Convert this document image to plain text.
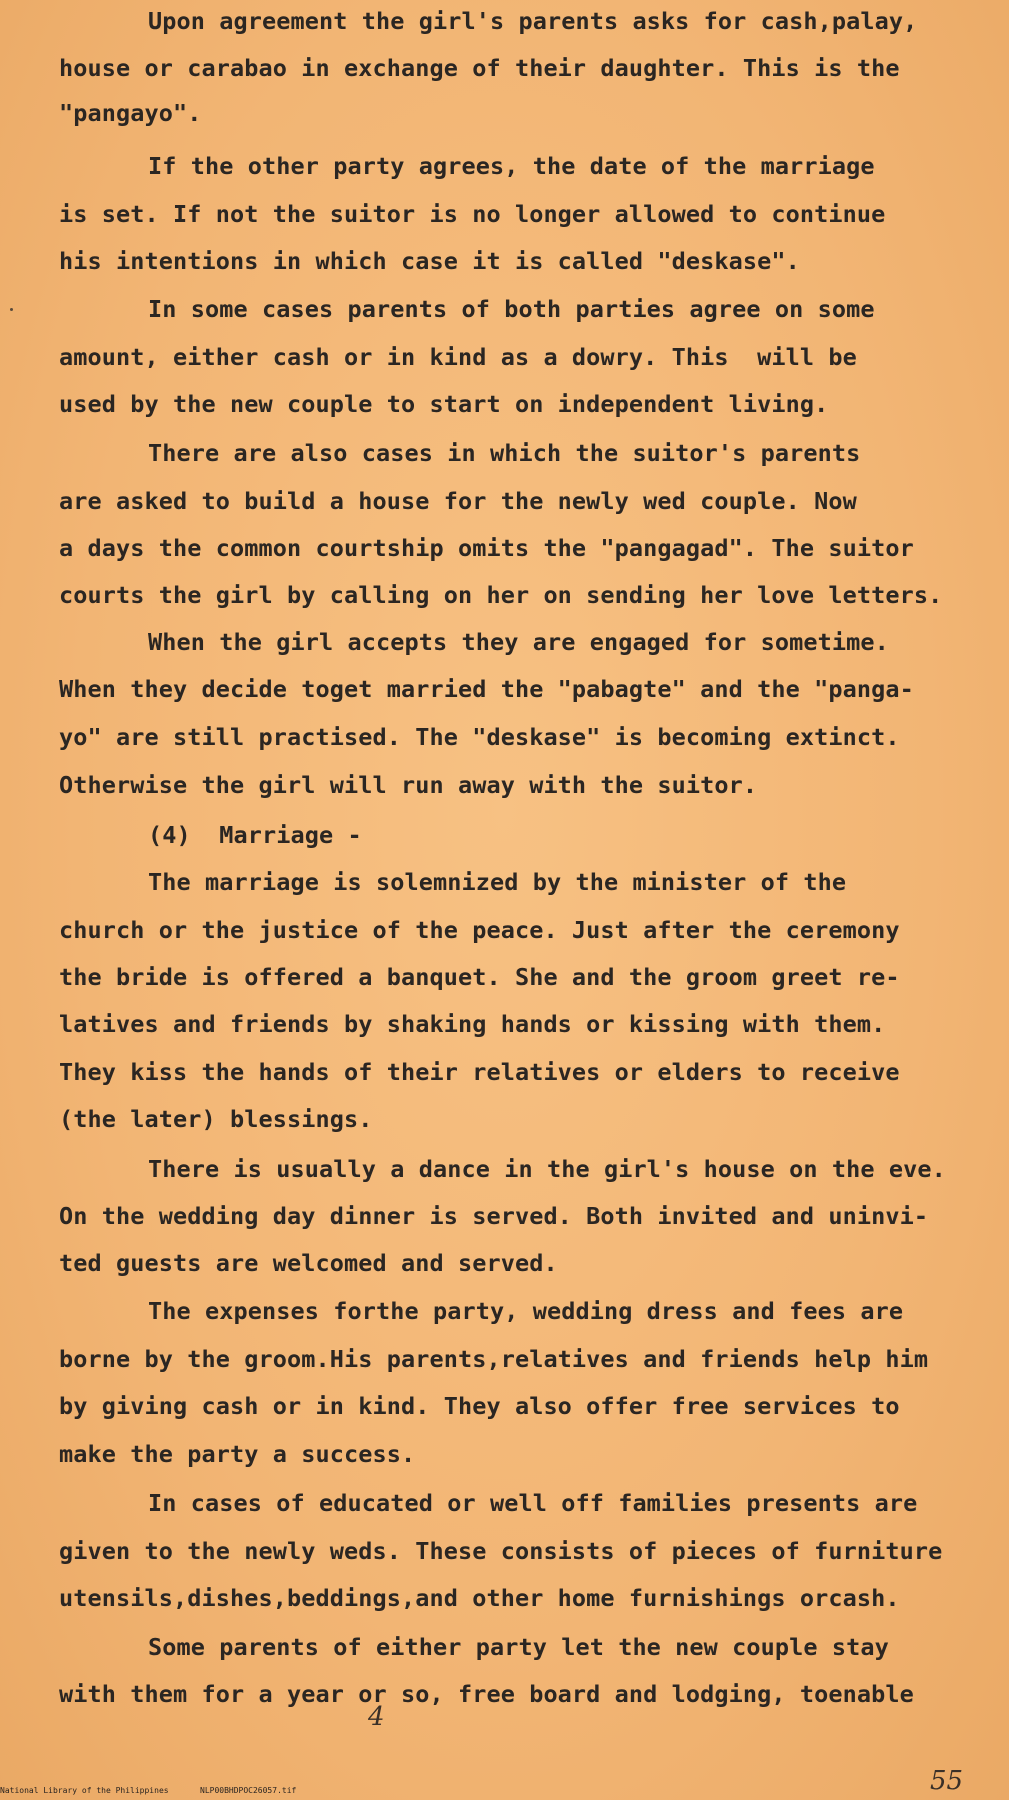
Upon agreement the girl's parents asks for cash,palay,
house or carabao in exchange of their daughter. This is the
"pangayo".
If the other party agrees, the date of the marriage
is set. If not the suitor is no longer allowed to continue
his intentions in which case it is called "deskase".
In some cases parents of both parties agree on some
amount, either cash or in kind as a dowry. This  will be
used by the new couple to start on independent living.
There are also cases in which the suitor's parents
are asked to build a house for the newly wed couple. Now
a days the common courtship omits the "pangagad". The suitor
courts the girl by calling on her on sending her love letters.
When the girl accepts they are engaged for sometime.
When they decide toget married the "pabagte" and the "panga-
yo" are still practised. The "deskase" is becoming extinct.
Otherwise the girl will run away with the suitor.
(4)  Marriage -
The marriage is solemnized by the minister of the
church or the justice of the peace. Just after the ceremony
the bride is offered a banquet. She and the groom greet re-
latives and friends by shaking hands or kissing with them.
They kiss the hands of their relatives or elders to receive
(the later) blessings.
There is usually a dance in the girl's house on the eve.
On the wedding day dinner is served. Both invited and uninvi-
ted guests are welcomed and served.
The expenses forthe party, wedding dress and fees are
borne by the groom.His parents,relatives and friends help him
by giving cash or in kind. They also offer free services to
make the party a success.
In cases of educated or well off families presents are
given to the newly weds. These consists of pieces of furniture
utensils,dishes,beddings,and other home furnishings orcash.
Some parents of either party let the new couple stay
with them for a year or so, free board and lodging, toenable
4
55
National Library of the Philippines	NLP00BHDPOC26057.tif
